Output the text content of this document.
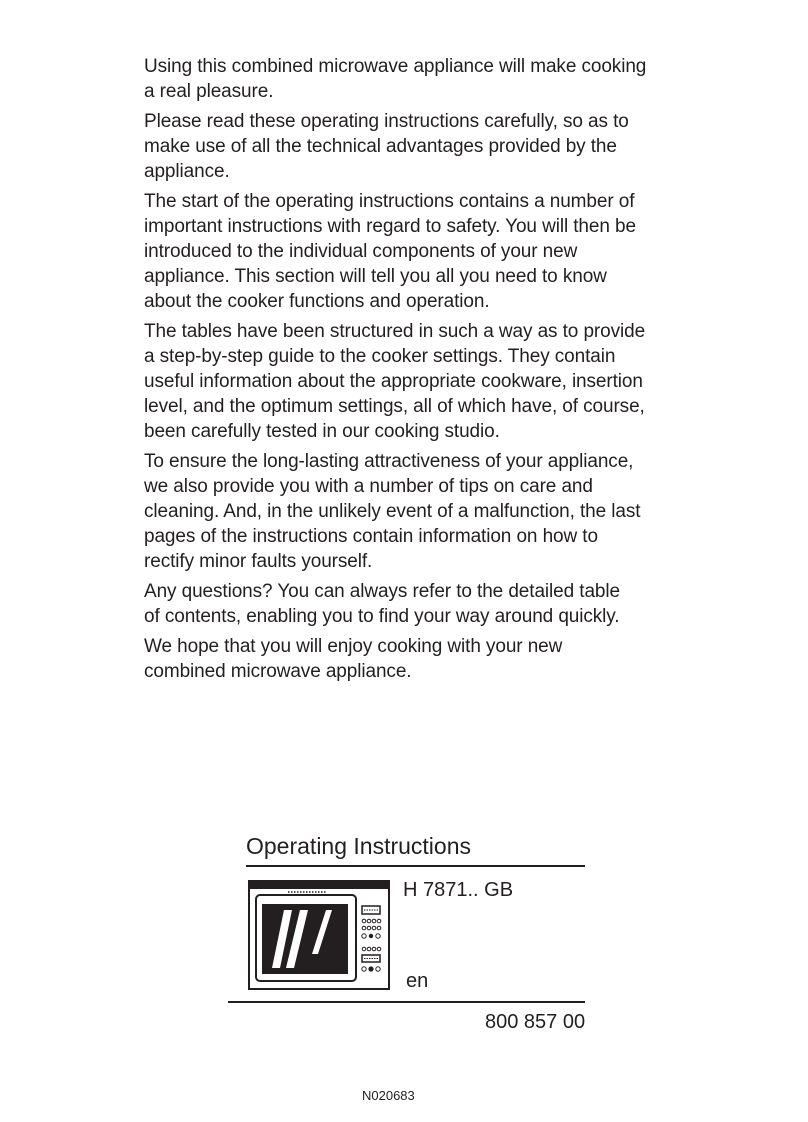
Using this combined microwave appliance will make cooking
a real pleasure.

Please read these operating instructions carefully, so as to
make use of all the technical advantages provided by the
appliance.

The start of the operating instructions contains a number of
important instructions with regard to safety. You will then be
introduced to the individual components of your new
appliance. This section will tell you all you need to know
about the cooker functions and operation.

The tables have been structured in such a way as to provide
a step-by-step guide to the cooker settings. They contain
useful information about the appropriate cookware, insertion
level, and the optimum settings, all of which have, of course,
been carefully tested in our cooking studio.

To ensure the long-lasting attractiveness of your appliance,
we also provide you with a number of tips on care and
cleaning. And, in the unlikely event of a malfunction, the last
pages of the instructions contain information on how to
rectify minor faults yourself.

Any questions? You can always refer to the detailed table
of contents, enabling you to find your way around quickly.

We hope that you will enjoy cooking with your new
combined microwave appliance.

Operating Instructions
H 7871.. GB
en
800 857 00
N020683
